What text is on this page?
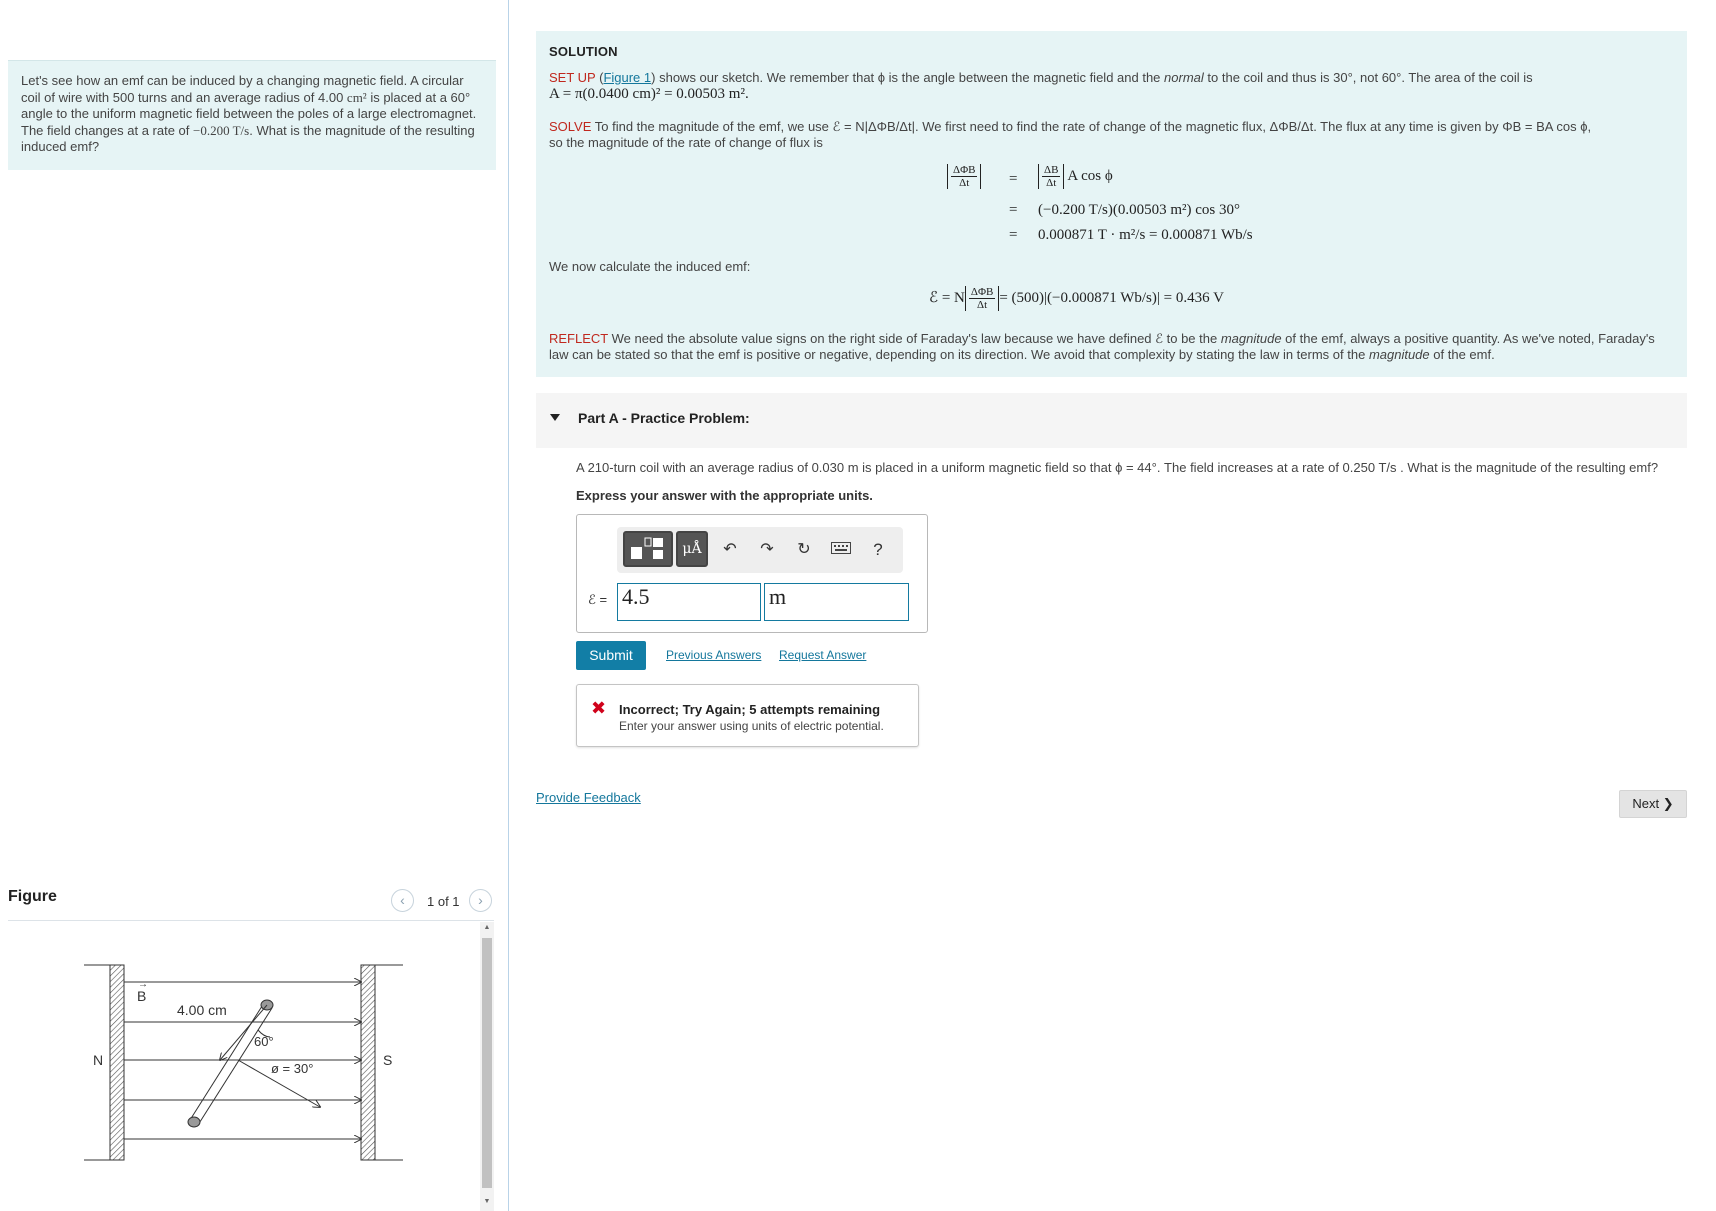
Let's see how an emf can be induced by a changing magnetic field. A circular coil of wire with 500 turns and an average radius of 4.00 cm² is placed at a 60° angle to the uniform magnetic field between the poles of a large electromagnet. The field changes at a rate of −0.200 T/s. What is the magnitude of the resulting induced emf?
Figure	‹	1 of 1	›
N	S
B
→
4.00 cm
60°
ø = 30°
▲
▼
SOLUTION
SET UP (Figure 1) shows our sketch. We remember that ϕ is the angle between the magnetic field and the normal to the coil and thus is 30°, not 60°. The area of the coil is
A = π(0.0400 cm)² = 0.00503 m².
SOLVE To find the magnitude of the emf, we use ℰ = N|ΔΦB/Δt|. We first need to find the rate of change of the magnetic flux, ΔΦB/Δt. The flux at any time is given by ΦB = BA cos ϕ,
so the magnitude of the rate of change of flux is
$\frac{\text{ΔΦB}}{\Delta t} = \frac{\Delta B}{\Delta t}$ A cos ϕ
= (−0.200 T/s)(0.00503 m²) cos 30°
= 0.000871 T · m²/s = 0.000871 Wb/s
We now calculate the induced emf:
ℰ = N $\frac{\text{ΔΦB}}{\Delta t} = (500)|(-0.000871$ Wb/s)| = 0.436 V
REFLECT We need the absolute value signs on the right side of Faraday's law because we have defined ℰ to be the magnitude of the emf, always a positive quantity. As we've noted, Faraday's
law can be stated so that the emf is positive or negative, depending on its direction. We avoid that complexity by stating the law in terms of the magnitude of the emf.
Part A - Practice Problem:
A 210-turn coil with an average radius of 0.030 m is placed in a uniform magnetic field so that ϕ = 44°. The field increases at a rate of 0.250 T/s . What is the magnitude of the resulting emf?
Express your answer with the appropriate units.
μÅ	↶ ↷ ↻	?
ℰ = 4.5	m
Submit	Previous Answers Request Answer
✖ Incorrect; Try Again; 5 attempts remaining
Enter your answer using units of electric potential.
Provide Feedback	Next ❯
